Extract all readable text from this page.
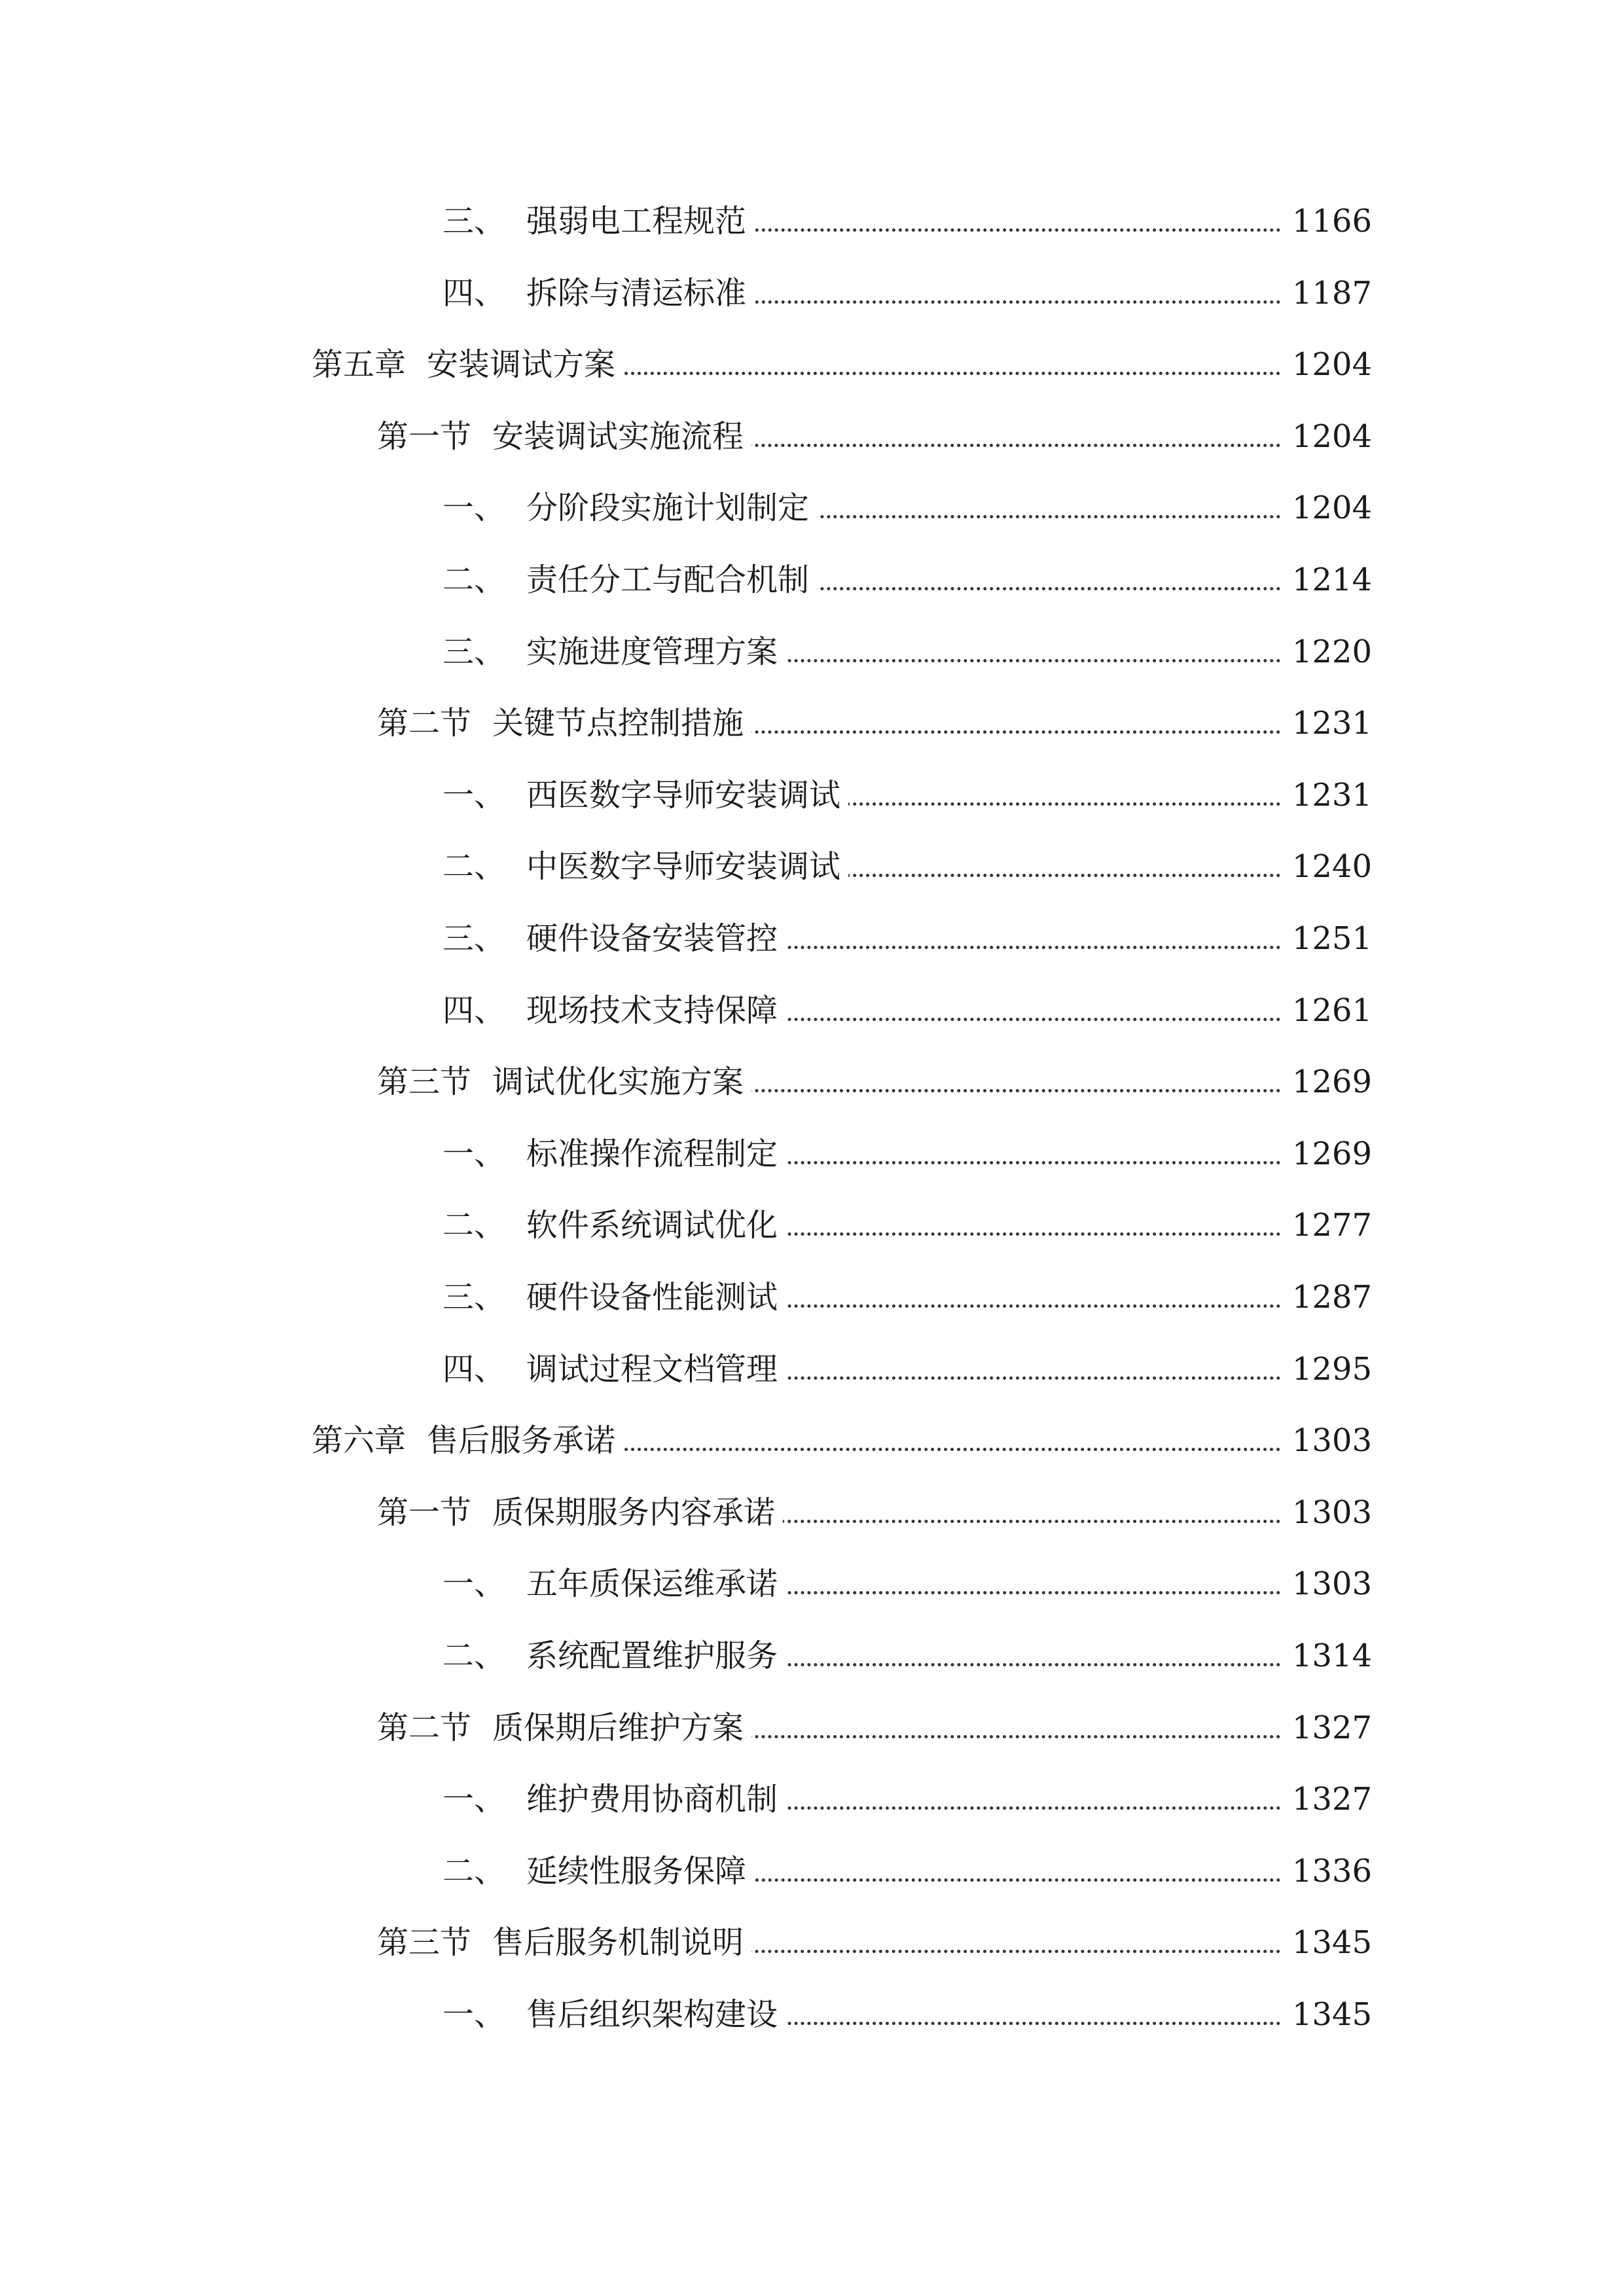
三、 强弱电工程规范	1166
四、 拆除与清运标准	1187
第五章 安装调试方案	1204
第一节 安装调试实施流程	1204
一、 分阶段实施计划制定	1204
二、 责任分工与配合机制	1214
三、 实施进度管理方案	1220
第二节 关键节点控制措施	1231
一、 西医数字导师安装调试	1231
二、 中医数字导师安装调试	1240
三、 硬件设备安装管控	1251
四、 现场技术支持保障	1261
第三节 调试优化实施方案	1269
一、 标准操作流程制定	1269
二、 软件系统调试优化	1277
三、 硬件设备性能测试	1287
四、 调试过程文档管理	1295
第六章 售后服务承诺	1303
第一节 质保期服务内容承诺	1303
一、 五年质保运维承诺	1303
二、 系统配置维护服务	1314
第二节 质保期后维护方案	1327
一、 维护费用协商机制	1327
二、 延续性服务保障	1336
第三节 售后服务机制说明	1345
一、 售后组织架构建设	1345
